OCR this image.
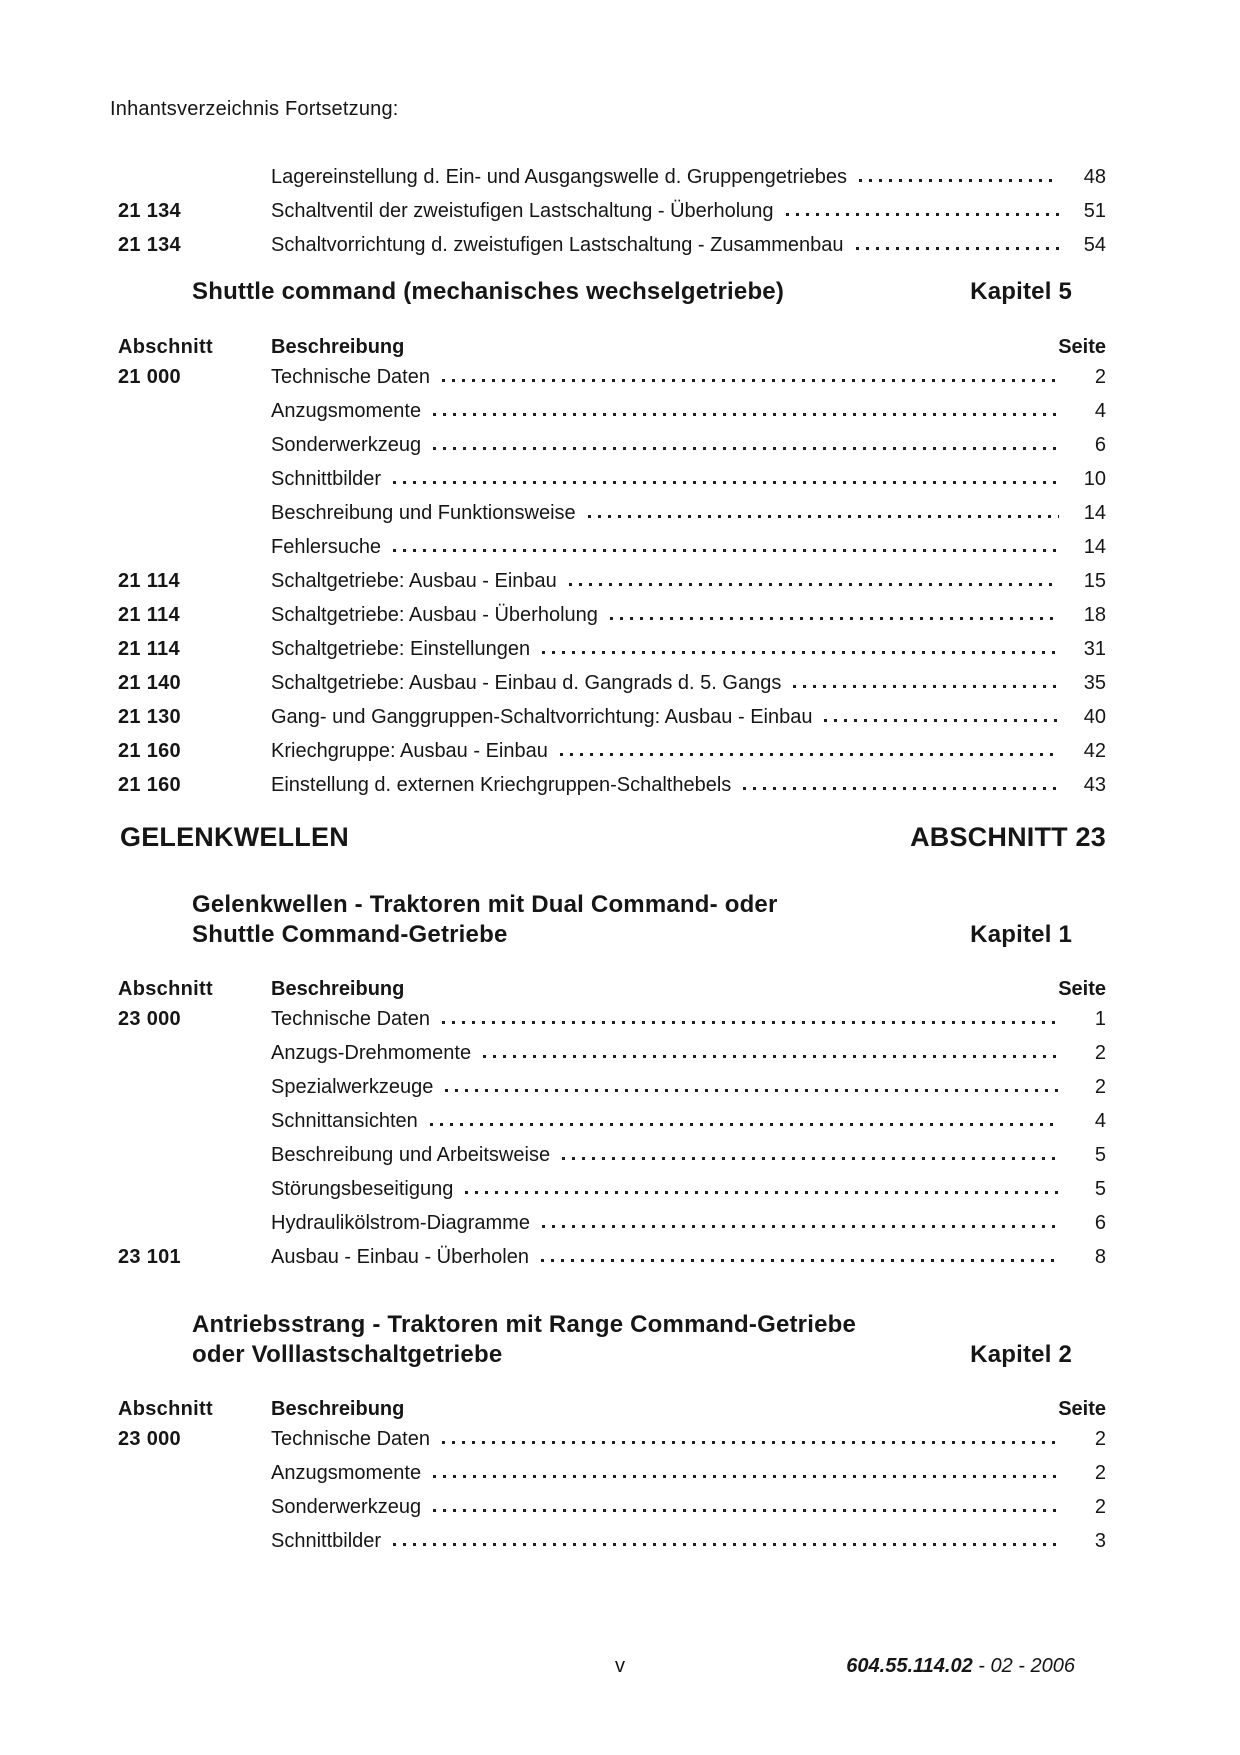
Inhantsverzeichnis Fortsetzung:
Lagereinstellung d. Ein- und Ausgangswelle d. Gruppengetriebes	48
21 134	Schaltventil der zweistufigen Lastschaltung - Überholung	51
21 134	Schaltvorrichtung d. zweistufigen Lastschaltung - Zusammenbau	54
Shuttle command (mechanisches wechselgetriebe)	Kapitel 5
Abschnitt	Beschreibung	Seite
21 000	Technische Daten	2
Anzugsmomente	4
Sonderwerkzeug	6
Schnittbilder	10
Beschreibung und Funktionsweise	14
Fehlersuche	14
21 114	Schaltgetriebe: Ausbau - Einbau	15
21 114	Schaltgetriebe: Ausbau - Überholung	18
21 114	Schaltgetriebe: Einstellungen	31
21 140	Schaltgetriebe: Ausbau - Einbau d. Gangrads d. 5. Gangs	35
21 130	Gang- und Ganggruppen-Schaltvorrichtung: Ausbau - Einbau	40
21 160	Kriechgruppe: Ausbau - Einbau	42
21 160	Einstellung d. externen Kriechgruppen-Schalthebels	43
GELENKWELLEN	ABSCHNITT 23
Gelenkwellen - Traktoren mit Dual Command- oder
Shuttle Command-Getriebe	Kapitel 1
Abschnitt	Beschreibung	Seite
23 000	Technische Daten	1
Anzugs-Drehmomente	2
Spezialwerkzeuge	2
Schnittansichten	4
Beschreibung und Arbeitsweise	5
Störungsbeseitigung	5
Hydraulikölstrom-Diagramme	6
23 101	Ausbau - Einbau - Überholen	8
Antriebsstrang - Traktoren mit Range Command-Getriebe
oder Volllastschaltgetriebe	Kapitel 2
Abschnitt	Beschreibung	Seite
23 000	Technische Daten	2
Anzugsmomente	2
Sonderwerkzeug	2
Schnittbilder	3
v	604.55.114.02 - 02 - 2006
